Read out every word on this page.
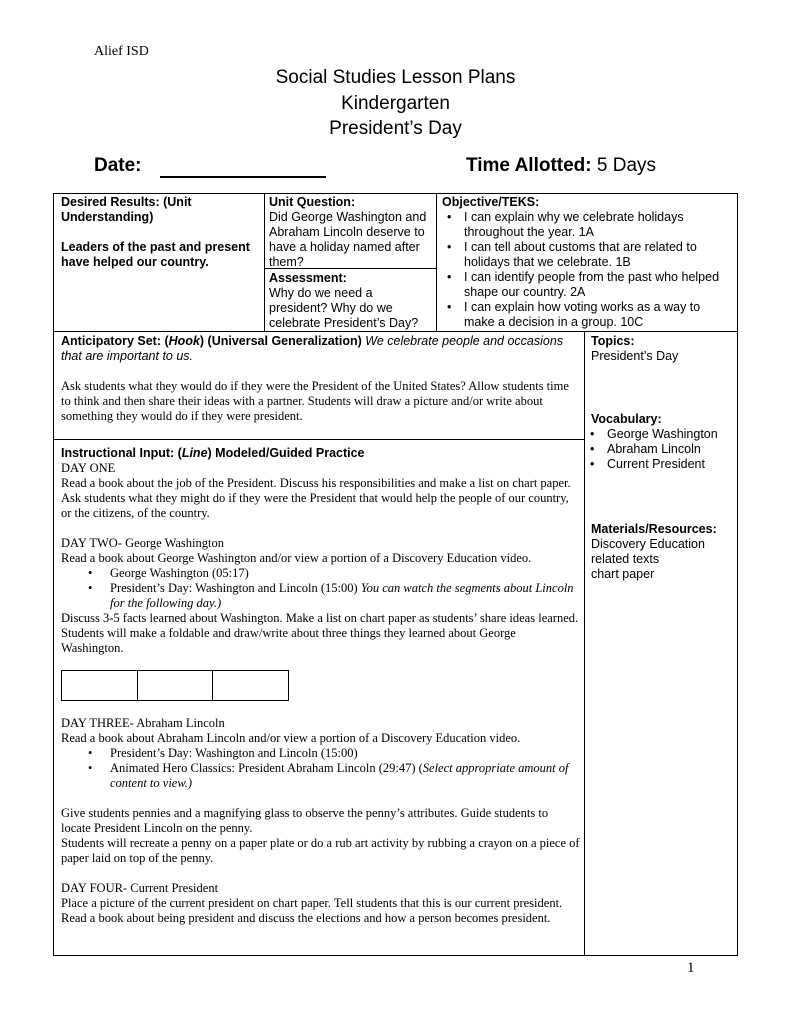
Alief ISD
Social Studies Lesson Plans
Kindergarten
President’s Day
Date:	Time Allotted: 5 Days
Desired Results: (Unit Understanding)
Leaders of the past and present have helped our country.
Unit Question:
Did George Washington and Abraham Lincoln deserve to have a holiday named after them?
Assessment:
Why do we need a president? Why do we celebrate President’s Day?
Objective/TEKS:
• I can explain why we celebrate holidays throughout the year. 1A
• I can tell about customs that are related to holidays that we celebrate. 1B
• I can identify people from the past who helped shape our country. 2A
• I can explain how voting works as a way to make a decision in a group. 10C

Anticipatory Set: (Hook) (Universal Generalization) We celebrate people and occasions that are important to us.

Ask students what they would do if they were the President of the United States? Allow students time to think and then share their ideas with a partner. Students will draw a picture and/or write about something they would do if they were president.

Instructional Input: (Line) Modeled/Guided Practice

DAY ONE

Read a book about the job of the President. Discuss his responsibilities and make a list on chart paper. Ask students what they might do if they were the President that would help the people of our country, or the citizens, of the country.

DAY TWO- George Washington

Read a book about George Washington and/or view a portion of a Discovery Education video.

• George Washington (05:17)

• President’s Day: Washington and Lincoln (15:00) You can watch the segments about Lincoln for the following day.)

Discuss 3-5 facts learned about Washington. Make a list on chart paper as students’ share ideas learned.

Students will make a foldable and draw/write about three things they learned about George Washington.

DAY THREE- Abraham Lincoln

Read a book about Abraham Lincoln and/or view a portion of a Discovery Education video.

• President’s Day: Washington and Lincoln (15:00)

• Animated Hero Classics: President Abraham Lincoln (29:47) (Select appropriate amount of content to view.)

Give students pennies and a magnifying glass to observe the penny’s attributes. Guide students to locate President Lincoln on the penny.

Students will recreate a penny on a paper plate or do a rub art activity by rubbing a crayon on a piece of paper laid on top of the penny.

DAY FOUR- Current President

Place a picture of the current president on chart paper. Tell students that this is our current president. Read a book about being president and discuss the elections and how a person becomes president.

Topics:
President’s Day
Vocabulary:
• George Washington
• Abraham Lincoln
• Current President
Materials/Resources:
Discovery Education
related texts
chart paper
1
